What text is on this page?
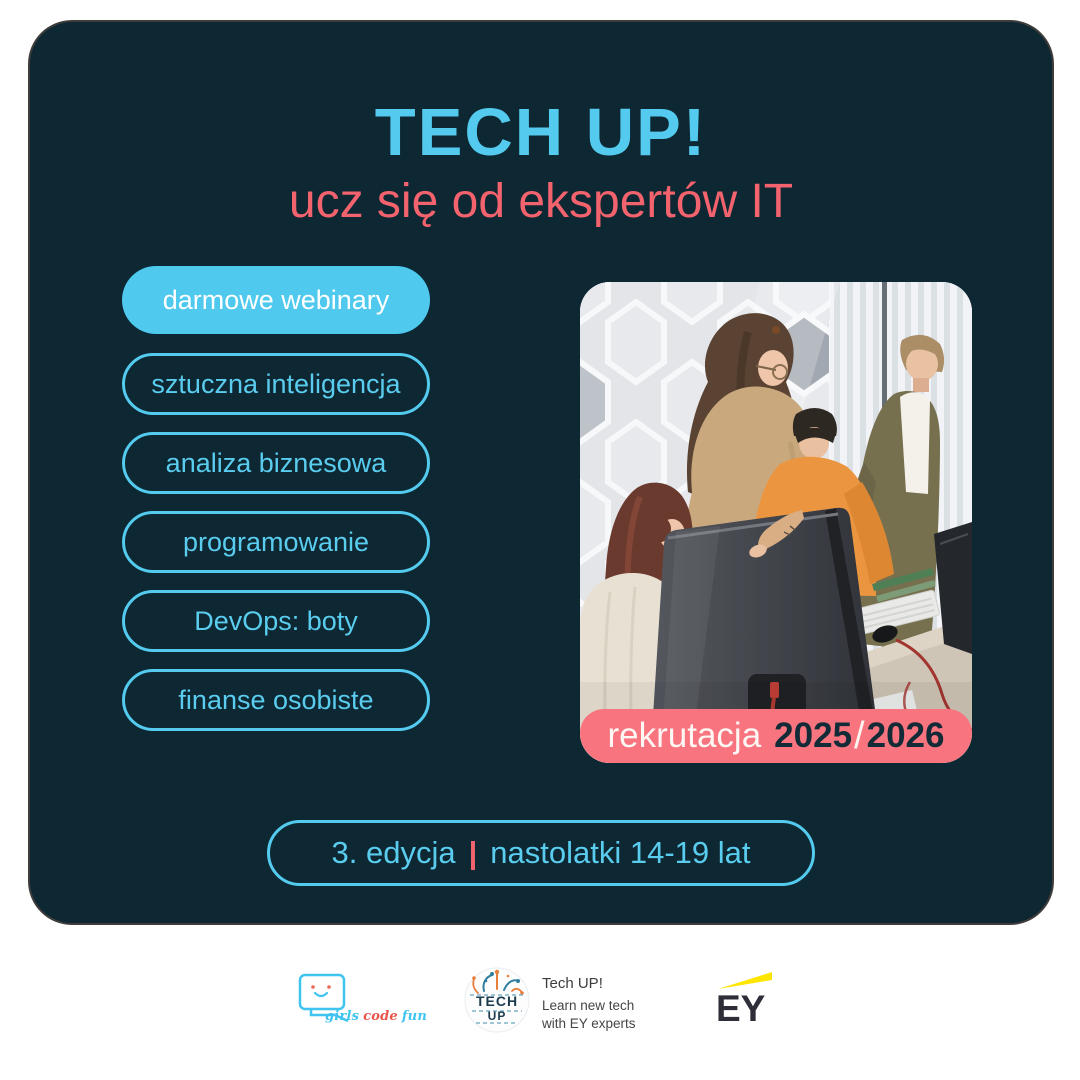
TECH UP!
ucz się od ekspertów IT
darmowe webinary
sztuczna inteligencja
analiza biznesowa
programowanie
DevOps: boty
finanse osobiste
rekrutacja 2025 / 2026
3. edycja | nastolatki 14-19 lat
girls code fun
TECH
UP
Tech UP!
Learn new tech
with EY experts EY
